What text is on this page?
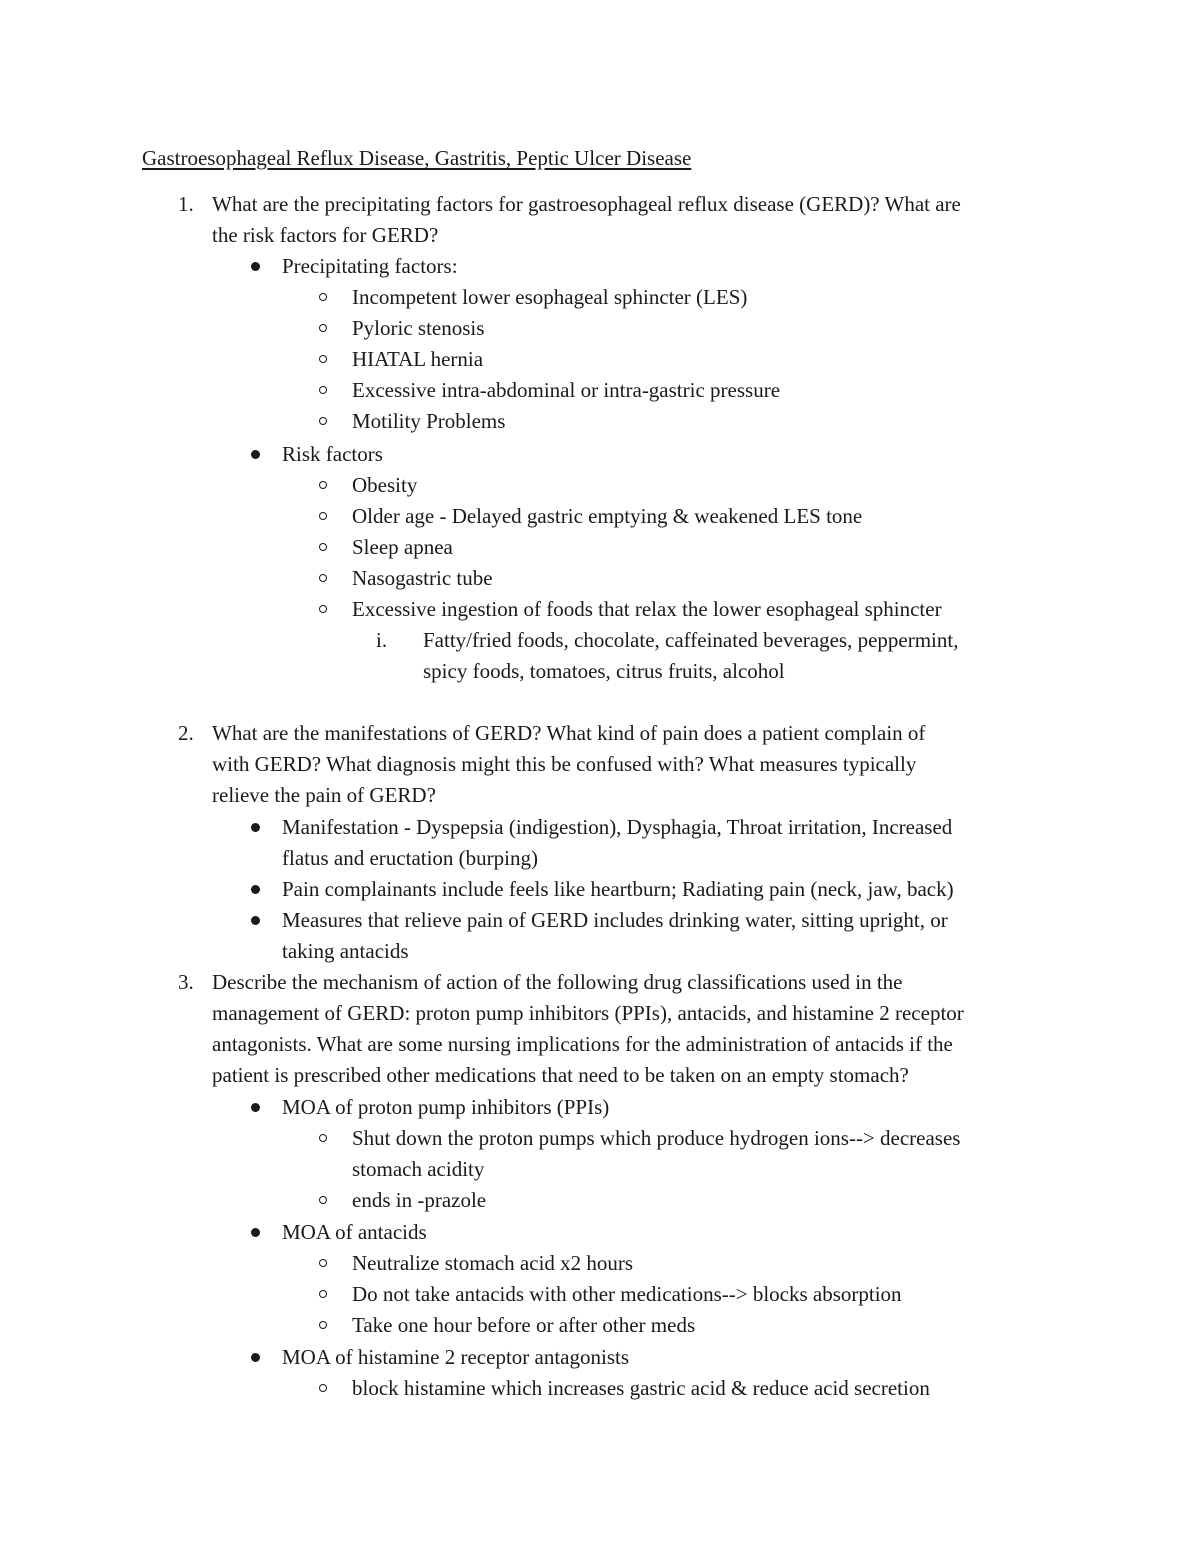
Gastroesophageal Reflux Disease, Gastritis, Peptic Ulcer Disease
1. What are the precipitating factors for gastroesophageal reflux disease (GERD)? What are
the risk factors for GERD?
Precipitating factors:
Incompetent lower esophageal sphincter (LES)
Pyloric stenosis
HIATAL hernia
Excessive intra-abdominal or intra-gastric pressure
Motility Problems
Risk factors
Obesity
Older age - Delayed gastric emptying & weakened LES tone
Sleep apnea
Nasogastric tube
Excessive ingestion of foods that relax the lower esophageal sphincter
i. Fatty/fried foods, chocolate, caffeinated beverages, peppermint,
spicy foods, tomatoes, citrus fruits, alcohol
2. What are the manifestations of GERD? What kind of pain does a patient complain of
with GERD? What diagnosis might this be confused with? What measures typically
relieve the pain of GERD?
Manifestation - Dyspepsia (indigestion), Dysphagia, Throat irritation, Increased
flatus and eructation (burping)
Pain complainants include feels like heartburn; Radiating pain (neck, jaw, back)
Measures that relieve pain of GERD includes drinking water, sitting upright, or
taking antacids
3. Describe the mechanism of action of the following drug classifications used in the
management of GERD: proton pump inhibitors (PPIs), antacids, and histamine 2 receptor
antagonists. What are some nursing implications for the administration of antacids if the
patient is prescribed other medications that need to be taken on an empty stomach?
MOA of proton pump inhibitors (PPIs)
Shut down the proton pumps which produce hydrogen ions--> decreases
stomach acidity
ends in -prazole
MOA of antacids
Neutralize stomach acid x2 hours
Do not take antacids with other medications--> blocks absorption
Take one hour before or after other meds
MOA of histamine 2 receptor antagonists
block histamine which increases gastric acid & reduce acid secretion
